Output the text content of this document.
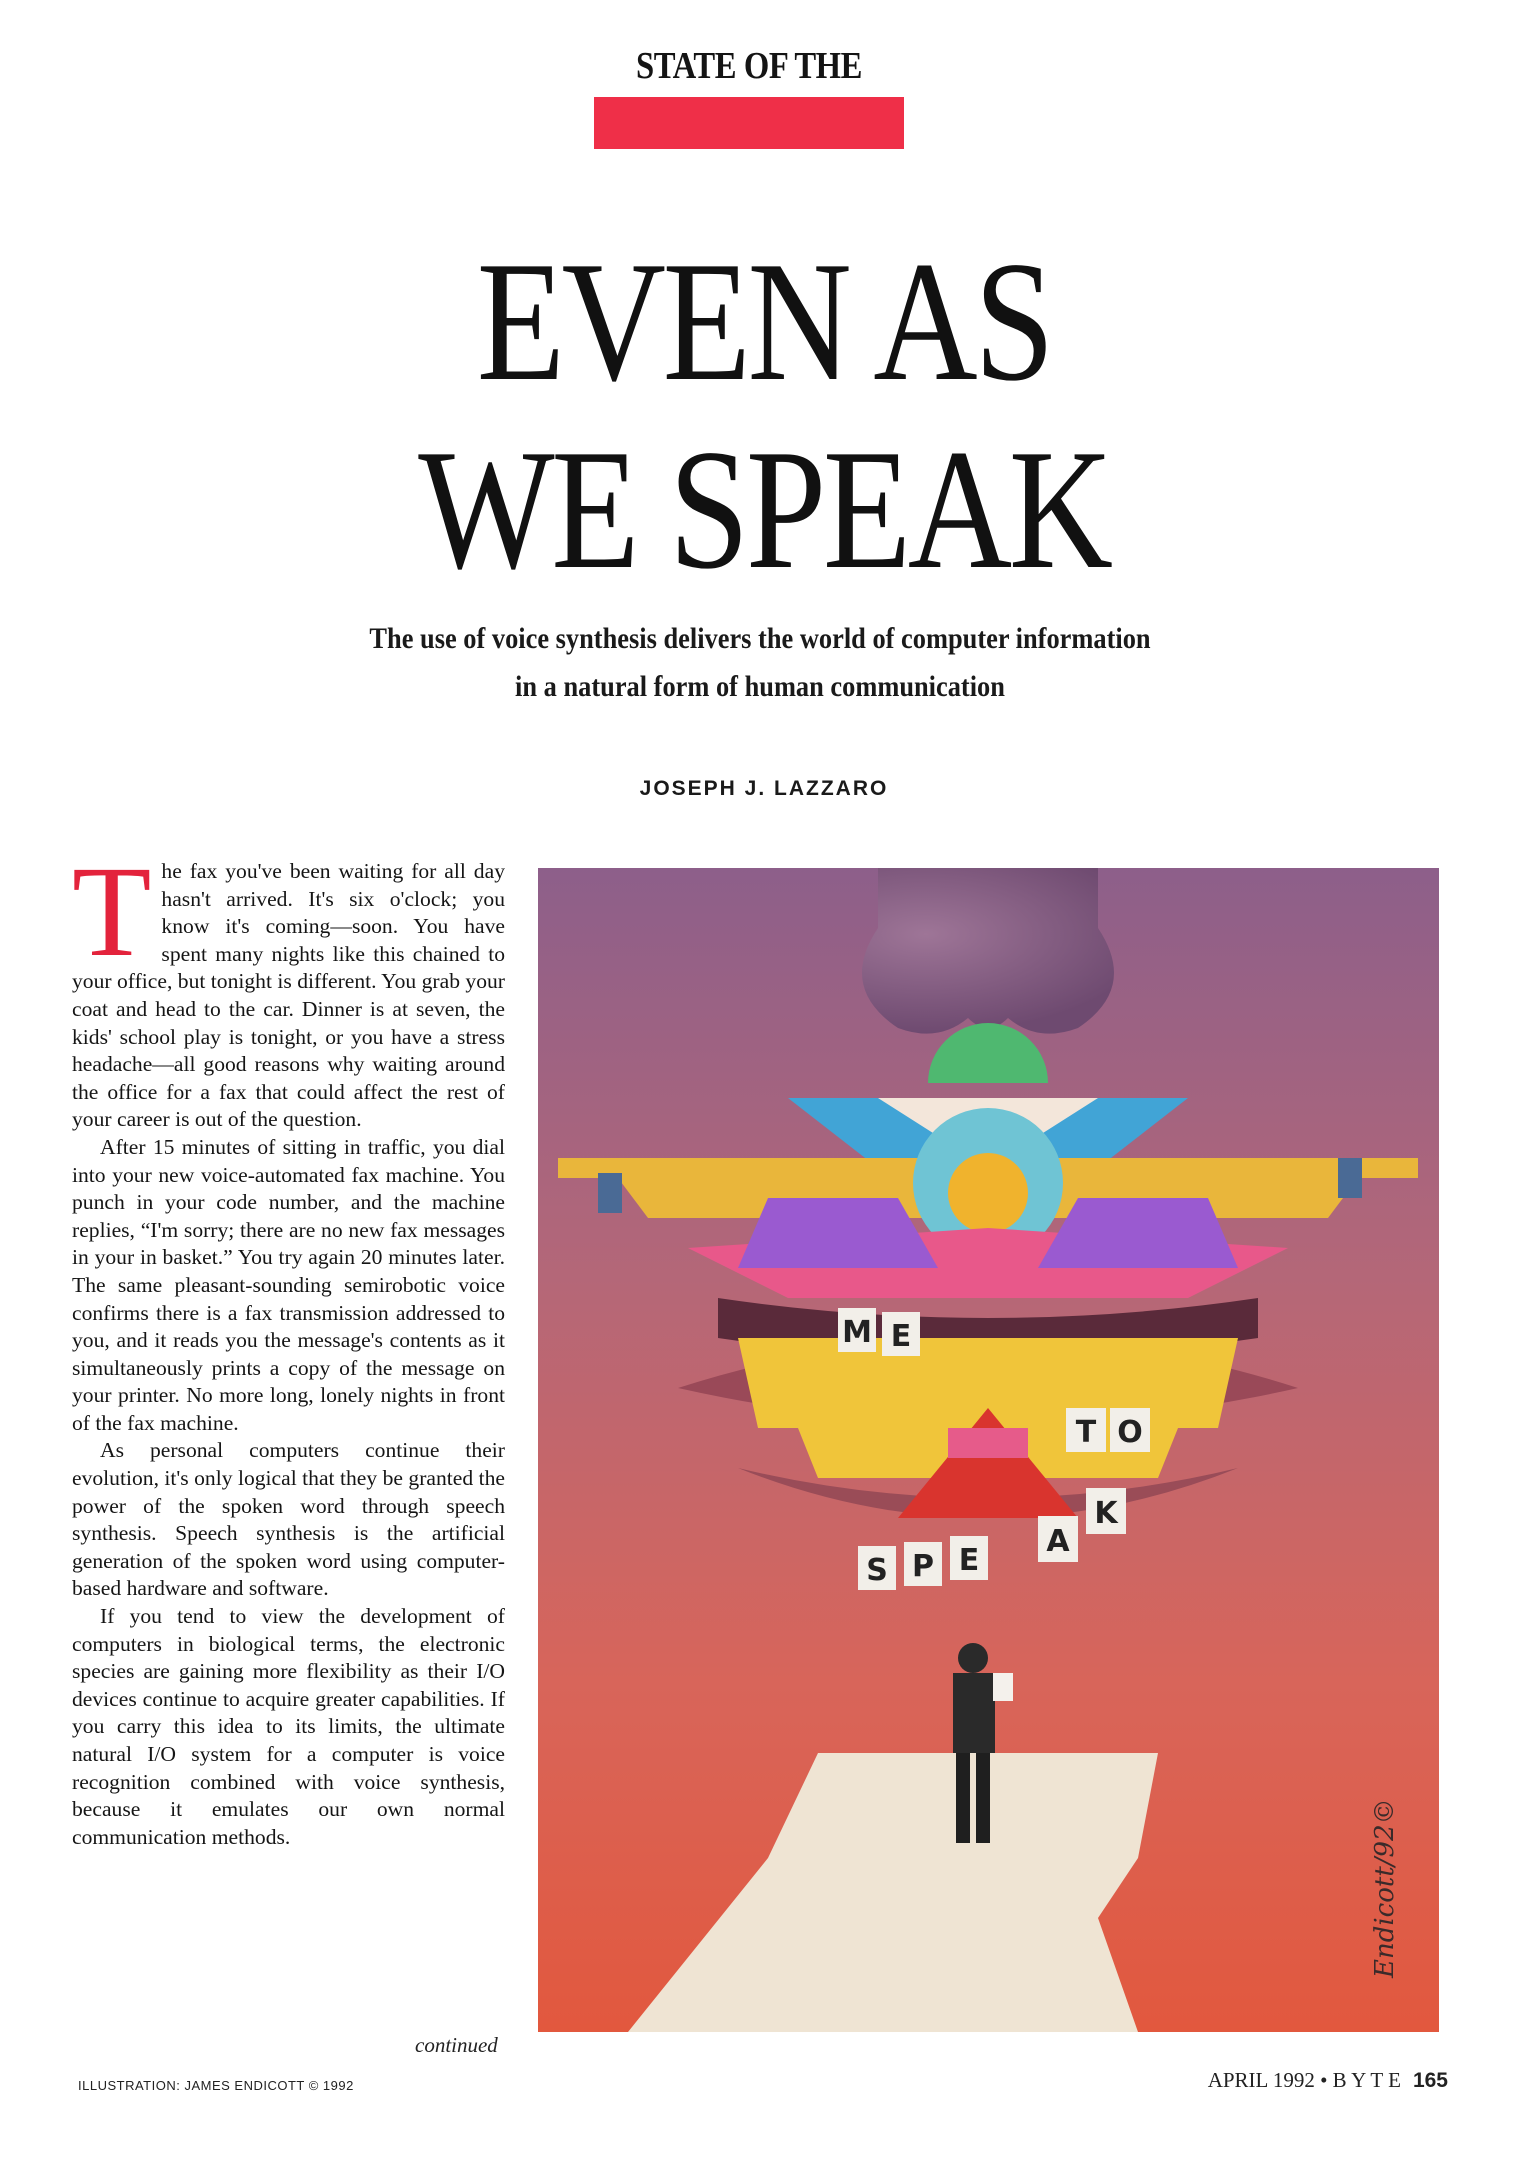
STATE OF THE
EVEN AS
WE SPEAK
The use of voice synthesis delivers the world of computer information
in a natural form of human communication
JOSEPH J. LAZZARO

The fax you've been waiting for all day hasn't arrived. It's six o'clock; you know it's coming—soon. You have spent many nights like this chained to your office, but tonight is different. You grab your coat and head to the car. Dinner is at seven, the kids' school play is tonight, or you have a stress headache—all good reasons why waiting around the office for a fax that could affect the rest of your career is out of the question.

After 15 minutes of sitting in traffic, you dial into your new voice-automated fax machine. You punch in your code number, and the machine replies, “I'm sorry; there are no new fax messages in your in basket.” You try again 20 minutes later. The same pleasant-sounding semirobotic voice confirms there is a fax transmission addressed to you, and it reads you the message's contents as it simultaneously prints a copy of the message on your printer. No more long, lonely nights in front of the fax machine.

As personal computers continue their evolution, it's only logical that they be granted the power of the spoken word through speech synthesis. Speech synthesis is the artificial generation of the spoken word using computer-based hardware and software.

If you tend to view the development of computers in biological terms, the electronic species are gaining more flexibility as their I/O devices continue to acquire greater capabilities. If you carry this idea to its limits, the ultimate natural I/O system for a computer is voice recognition combined with voice synthesis, because it emulates our own normal communication methods.

continued
M E
T O
K
S P E
A
Endicott/92©
ILLUSTRATION: JAMES ENDICOTT © 1992	APRIL 1992 • B Y T E 165
